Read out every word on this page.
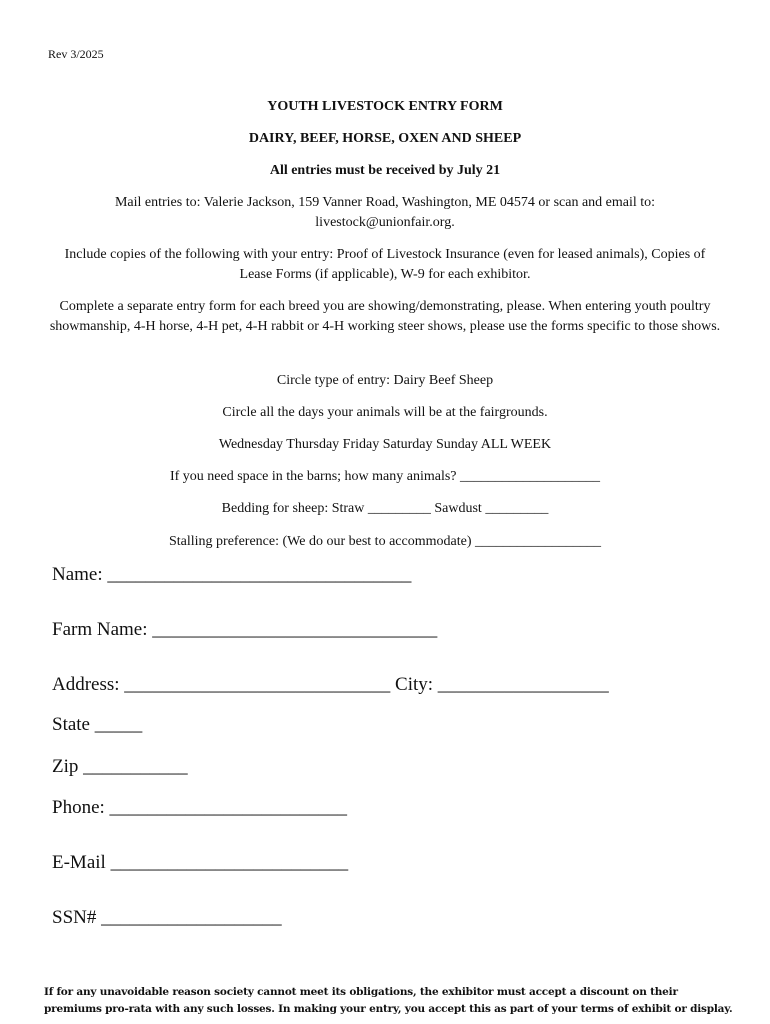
Rev 3/2025
YOUTH LIVESTOCK ENTRY FORM
DAIRY, BEEF, HORSE, OXEN AND SHEEP
All entries must be received by July 21
Mail entries to: Valerie Jackson, 159 Vanner Road, Washington, ME 04574 or scan and email to: livestock@unionfair.org.
Include copies of the following with your entry: Proof of Livestock Insurance (even for leased animals), Copies of Lease Forms (if applicable), W-9 for each exhibitor.
Complete a separate entry form for each breed you are showing/demonstrating, please. When entering youth poultry showmanship, 4-H horse, 4-H pet, 4-H rabbit or 4-H working steer shows, please use the forms specific to those shows.
Circle type of entry: Dairy Beef Sheep
Circle all the days your animals will be at the fairgrounds.
Wednesday Thursday Friday Saturday Sunday ALL WEEK
If you need space in the barns; how many animals? ____________________
Bedding for sheep: Straw _________ Sawdust _________
Stalling preference: (We do our best to accommodate) __________________
Name: ________________________________
Farm Name: ______________________________
Address: ____________________________ City: __________________
State _____
Zip ___________
Phone: _________________________
E-Mail _________________________
SSN# ___________________
If for any unavoidable reason society cannot meet its obligations, the exhibitor must accept a discount on their premiums pro-rata with any such losses. In making your entry, you accept this as part of your terms of exhibit or display.
